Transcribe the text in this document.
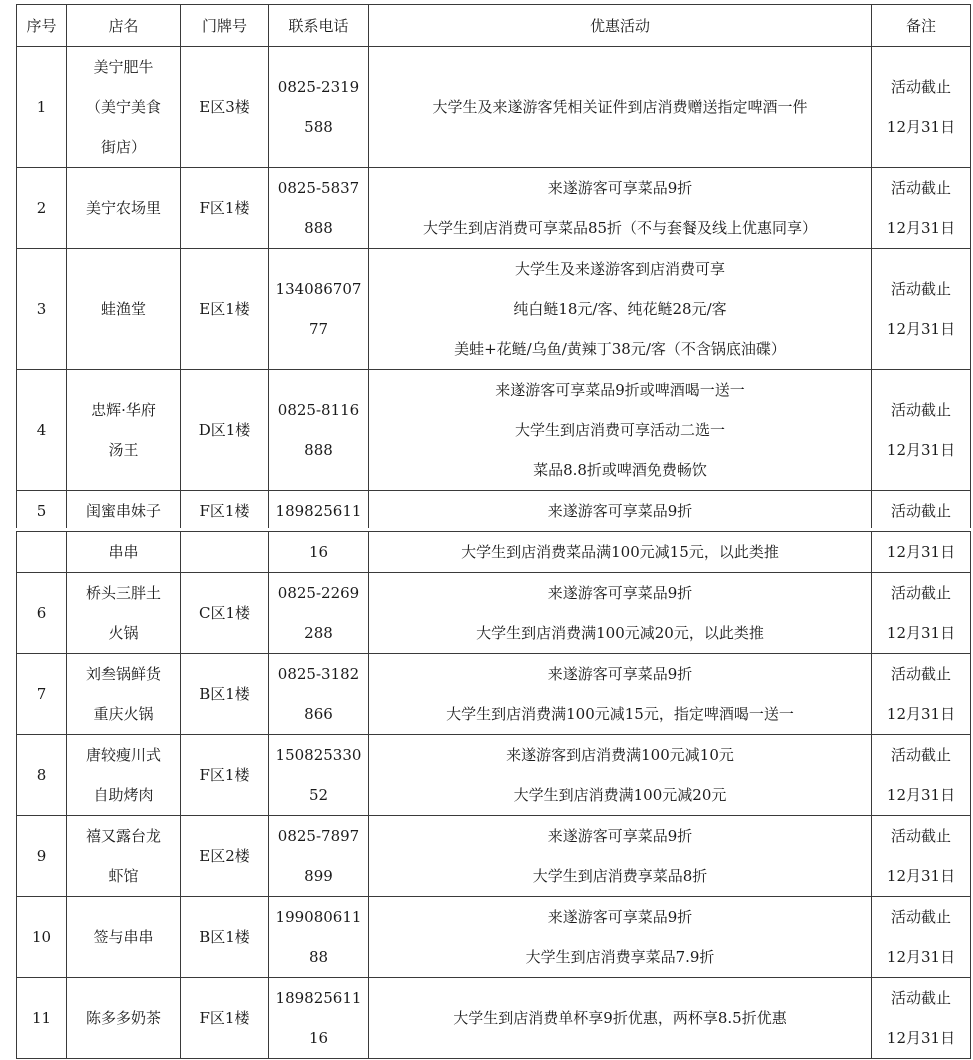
序号	店名	门牌号	联系电话	优惠活动	备注
1	美宁肥牛
（美宁美食
街店）	E区3楼	0825-2319
588	大学生及来遂游客凭相关证件到店消费赠送指定啤酒一件	活动截止
12月31日

2	美宁农场里	F区1楼	0825-5837
888	来遂游客可享菜品9折
大学生到店消费可享菜品85折（不与套餐及线上优惠同享）	活动截止
12月31日

3	蛙渔堂	E区1楼	134086707
77	大学生及来遂游客到店消费可享
纯白鲢18元/客、纯花鲢28元/客
美蛙+花鲢/乌鱼/黄辣丁38元/客（不含锅底油碟）	活动截止
12月31日

4	忠辉·华府
汤王	D区1楼	0825-8116
888	来遂游客可享菜品9折或啤酒喝一送一
大学生到店消费可享活动二选一
菜品8.8折或啤酒免费畅饮	活动截止
12月31日

5	闺蜜串妹子	F区1楼	189825611	来遂游客可享菜品9折	活动截止

	串串		16	大学生到店消费菜品满100元减15元，以此类推	12月31日

6	桥头三胖土
火锅	C区1楼	0825-2269
288	来遂游客可享菜品9折
大学生到店消费满100元减20元，以此类推	活动截止
12月31日

7	刘叁锅鲜货
重庆火锅	B区1楼	0825-3182
866	来遂游客可享菜品9折
大学生到店消费满100元减15元，指定啤酒喝一送一	活动截止
12月31日

8	唐较瘦川式
自助烤肉	F区1楼	150825330
52	来遂游客到店消费满100元减10元
大学生到店消费满100元减20元	活动截止
12月31日

9	禧又露台龙
虾馆	E区2楼	0825-7897
899	来遂游客可享菜品9折
大学生到店消费享菜品8折	活动截止
12月31日

10	签与串串	B区1楼	199080611
88	来遂游客可享菜品9折
大学生到店消费享菜品7.9折	活动截止
12月31日

11	陈多多奶茶	F区1楼	189825611
16	大学生到店消费单杯享9折优惠，两杯享8.5折优惠	活动截止
12月31日
